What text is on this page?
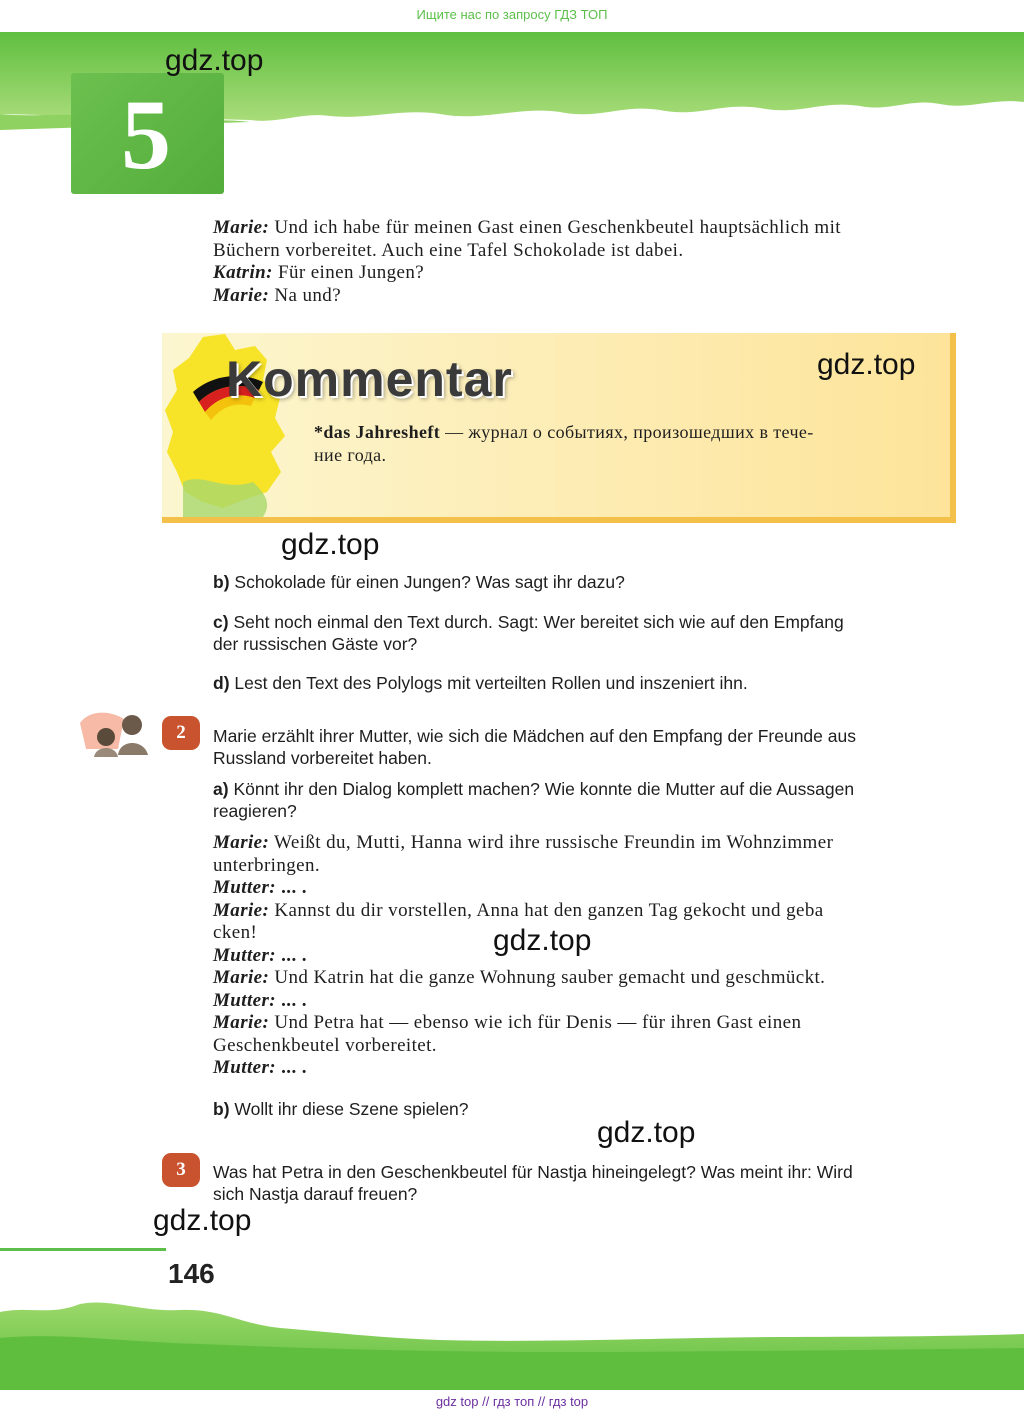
Ищите нас по запросу ГДЗ ТОП
5
gdz.top
Marie: Und ich habe für meinen Gast einen Geschenkbeutel hauptsächlich mit
Büchern vorbereitet. Auch eine Tafel Schokolade ist dabei.
Katrin: Für einen Jungen?
Marie: Na und?
Kommentar	gdz.top
*das Jahresheft — журнал о событиях, произошедших в тече-
ние года.
gdz.top
b) Schokolade für einen Jungen? Was sagt ihr dazu?
c) Seht noch einmal den Text durch. Sagt: Wer bereitet sich wie auf den Empfang
der russischen Gäste vor?
d) Lest den Text des Polylogs mit verteilten Rollen und inszeniert ihn.
2	Marie erzählt ihrer Mutter, wie sich die Mädchen auf den Empfang der Freunde aus
Russland vorbereitet haben.
a) Könnt ihr den Dialog komplett machen? Wie konnte die Mutter auf die Aussagen
reagieren?
Marie: Weißt du, Mutti, Hanna wird ihre russische Freundin im Wohnzimmer
unterbringen.
Mutter: ... .
Marie: Kannst du dir vorstellen, Anna hat den ganzen Tag gekocht und geba
cken!
Mutter: ... .
Marie: Und Katrin hat die ganze Wohnung sauber gemacht und geschmückt.
Mutter: ... .
Marie: Und Petra hat — ebenso wie ich für Denis — für ihren Gast einen
Geschenkbeutel vorbereitet.
Mutter: ... .
gdz.top
b) Wollt ihr diese Szene spielen?
gdz.top
3	Was hat Petra in den Geschenkbeutel für Nastja hineingelegt? Was meint ihr: Wird
sich Nastja darauf freuen?
gdz.top
146
gdz top // гдз топ // гдз top
